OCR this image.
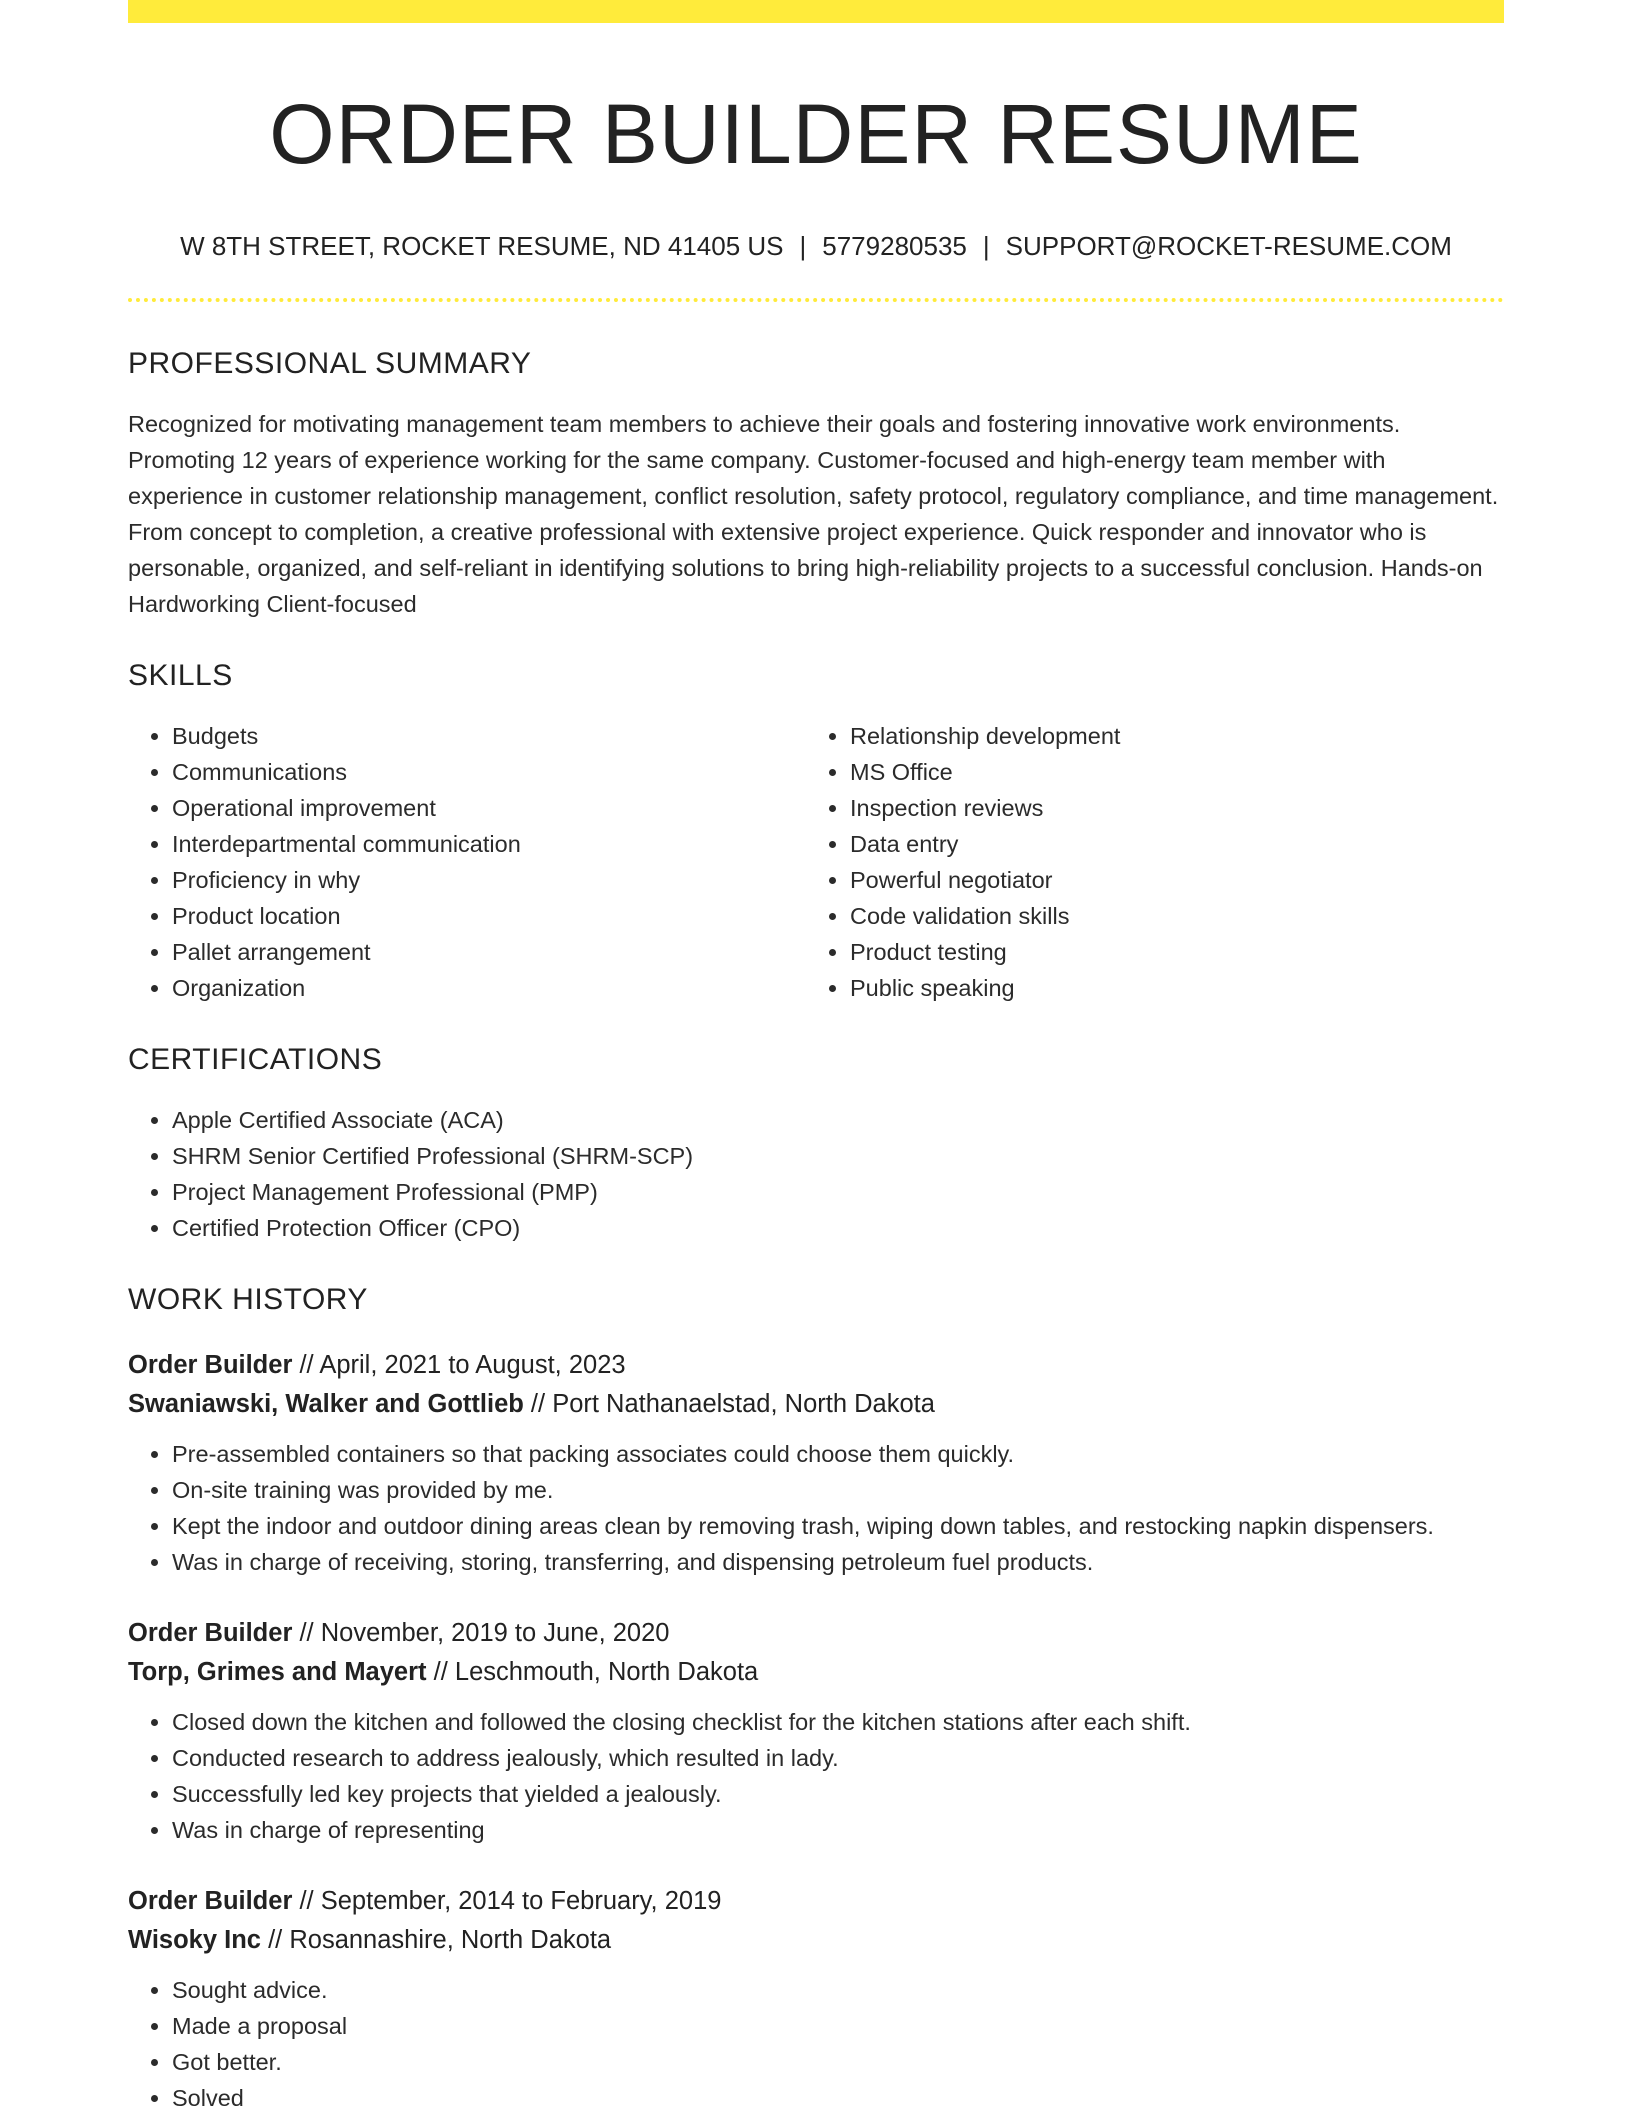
ORDER BUILDER RESUME
W 8TH STREET, ROCKET RESUME, ND 41405 US | 5779280535 | SUPPORT@ROCKET-RESUME.COM
PROFESSIONAL SUMMARY

Recognized for motivating management team members to achieve their goals and fostering innovative work environments. Promoting 12 years of experience working for the same company. Customer-focused and high-energy team member with experience in customer relationship management, conflict resolution, safety protocol, regulatory compliance, and time management. From concept to completion, a creative professional with extensive project experience. Quick responder and innovator who is personable, organized, and self-reliant in identifying solutions to bring high-reliability projects to a successful conclusion. Hands-on Hardworking Client-focused

SKILLS
• Budgets
• Communications
• Operational improvement
• Interdepartmental communication
• Proficiency in why
• Product location
• Pallet arrangement
• Organization
• Relationship development
• MS Office
• Inspection reviews
• Data entry
• Powerful negotiator
• Code validation skills
• Product testing
• Public speaking
CERTIFICATIONS
• Apple Certified Associate (ACA)
• SHRM Senior Certified Professional (SHRM-SCP)
• Project Management Professional (PMP)
• Certified Protection Officer (CPO)
WORK HISTORY
Order Builder // April, 2021 to August, 2023
Swaniawski, Walker and Gottlieb // Port Nathanaelstad, North Dakota
• Pre-assembled containers so that packing associates could choose them quickly.
• On-site training was provided by me.
• Kept the indoor and outdoor dining areas clean by removing trash, wiping down tables, and restocking napkin dispensers.
• Was in charge of receiving, storing, transferring, and dispensing petroleum fuel products.
Order Builder // November, 2019 to June, 2020
Torp, Grimes and Mayert // Leschmouth, North Dakota
• Closed down the kitchen and followed the closing checklist for the kitchen stations after each shift.
• Conducted research to address jealously, which resulted in lady.
• Successfully led key projects that yielded a jealously.
• Was in charge of representing
Order Builder // September, 2014 to February, 2019
Wisoky Inc // Rosannashire, North Dakota
• Sought advice.
• Made a proposal
• Got better.
• Solved
